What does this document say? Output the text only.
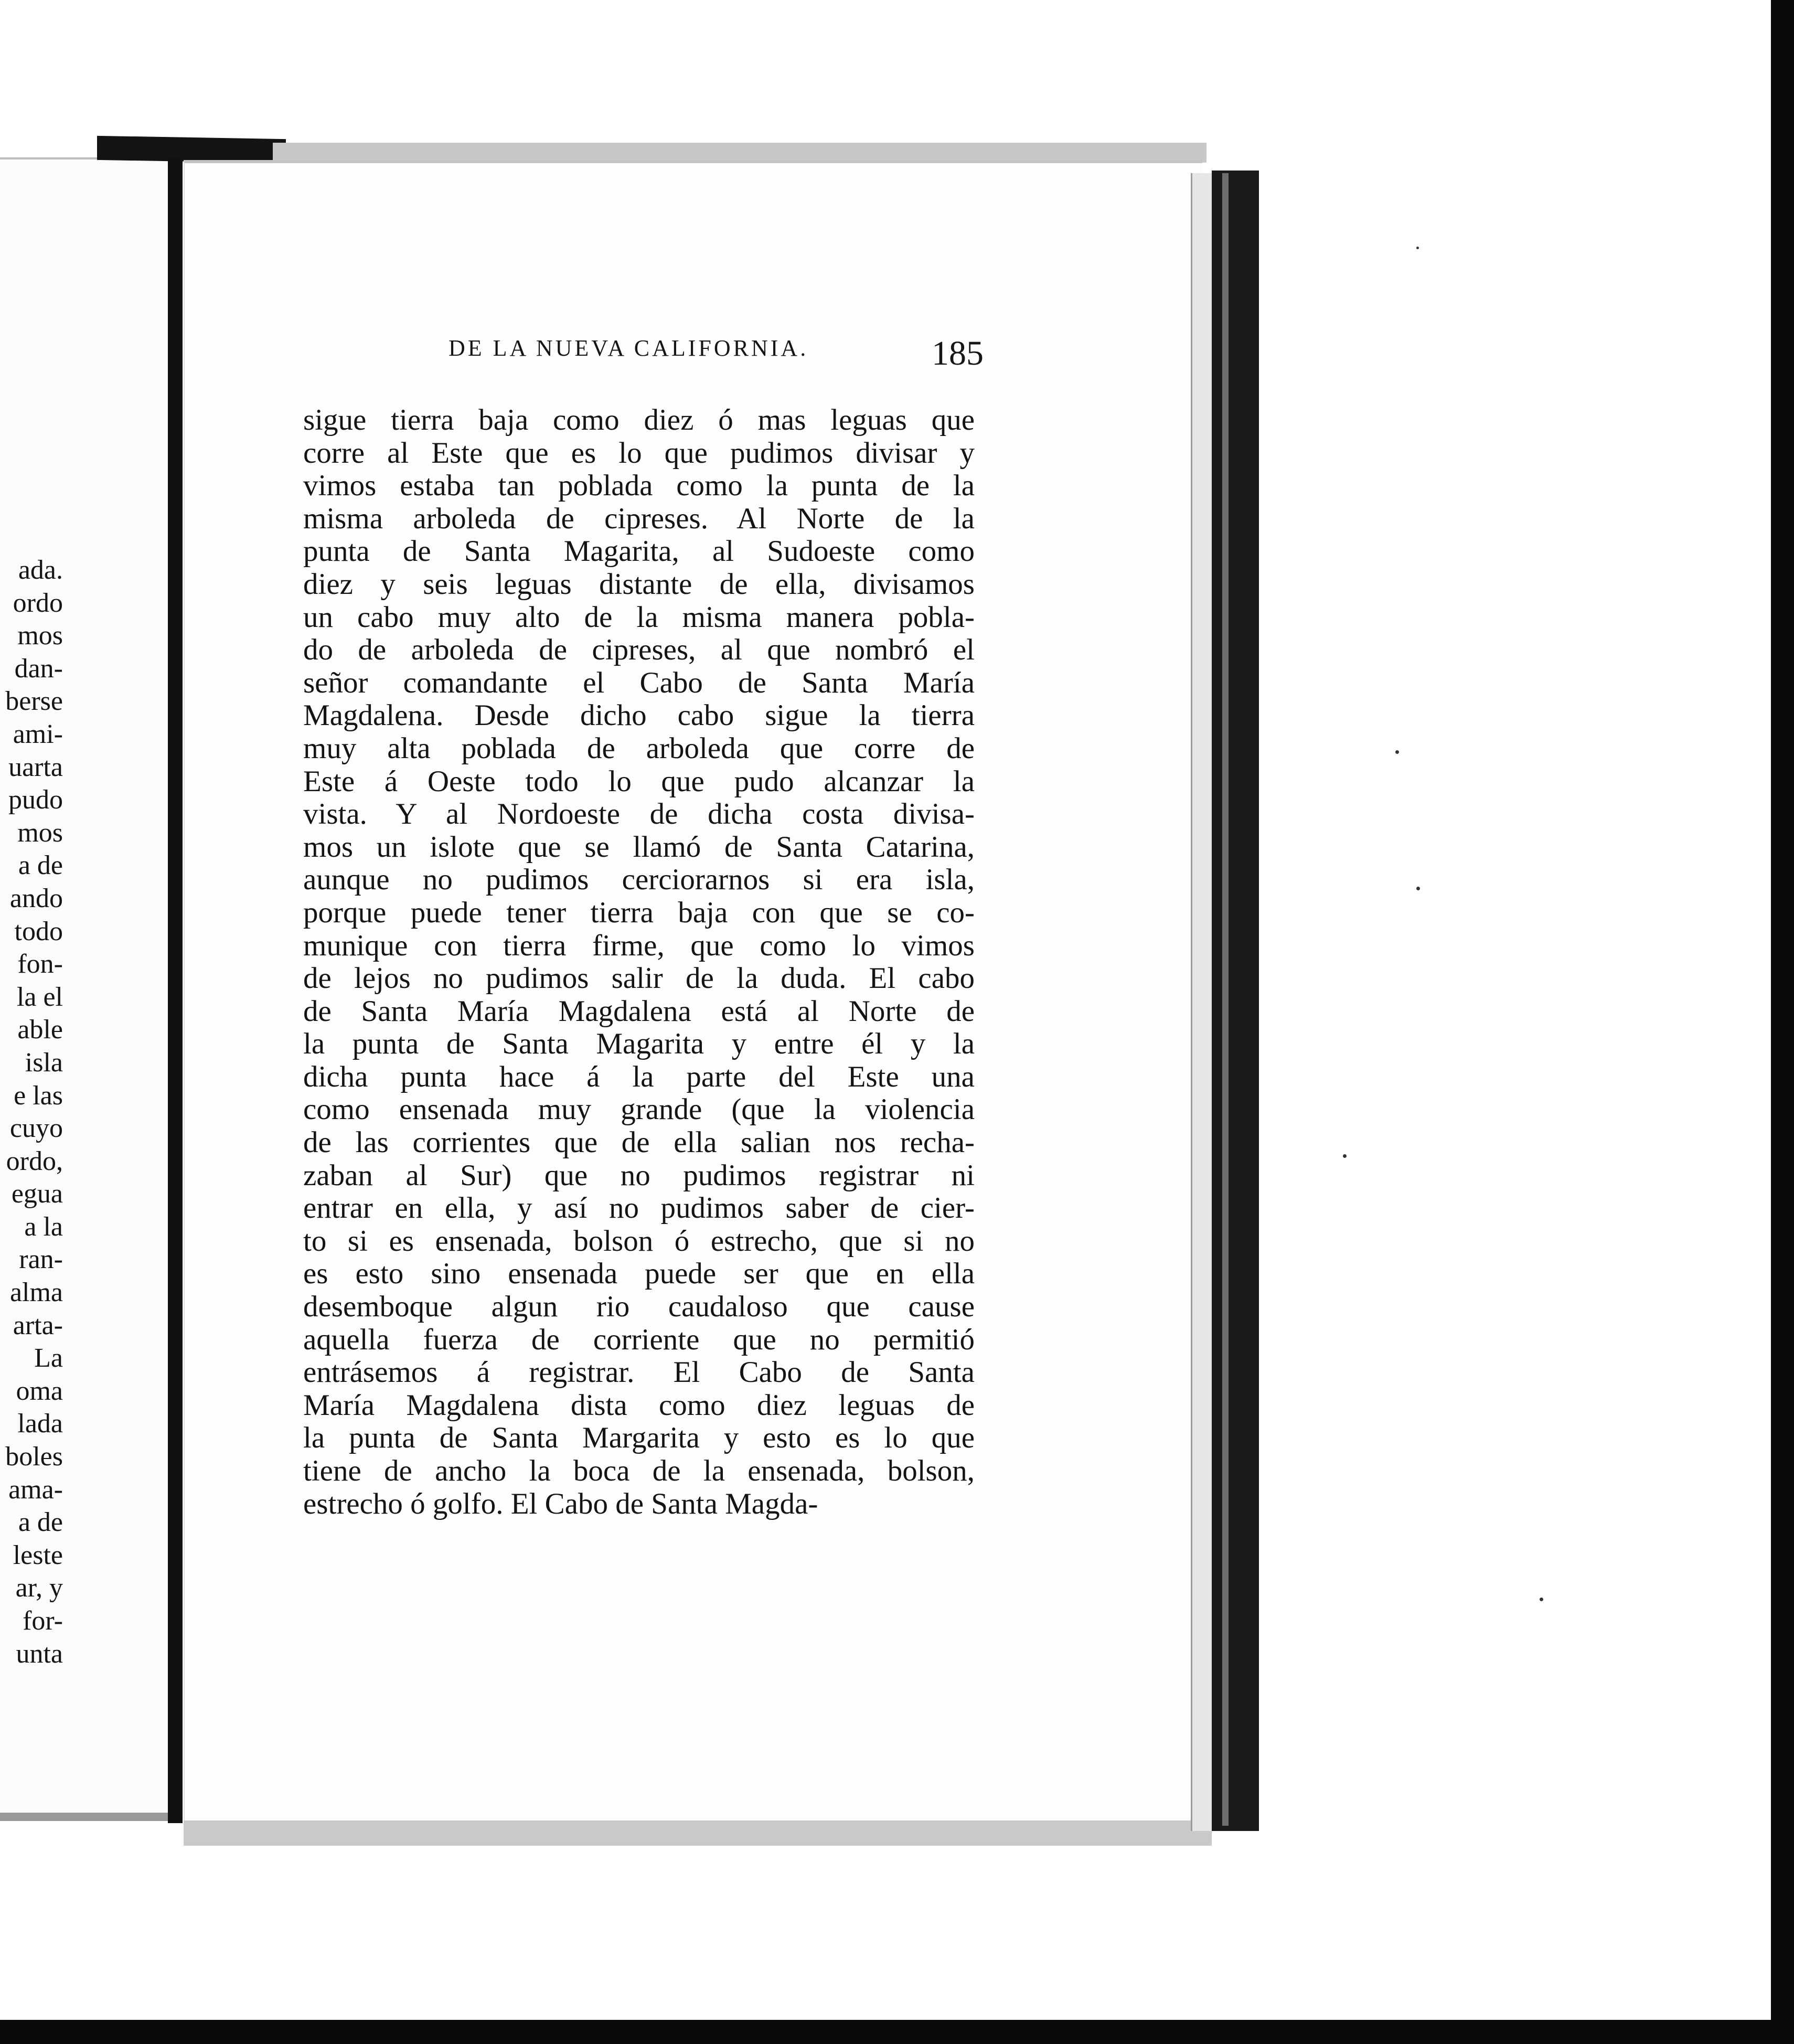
ada.
ordo
mos
dan-
berse
ami-
uarta
pudo
mos
a de
ando
todo
fon-
la el
able
isla
e las
cuyo
ordo,
egua
a la
ran-
alma
arta-
La
oma
lada
boles
ama-
a de
leste
ar, y
for-
unta
DE LA NUEVA CALIFORNIA.	185
sigue tierra baja como diez ó mas leguas que
corre al Este que es lo que pudimos divisar y
vimos estaba tan poblada como la punta de la
misma arboleda de cipreses. Al Norte de la
punta de Santa Magarita, al Sudoeste como
diez y seis leguas distante de ella, divisamos
un cabo muy alto de la misma manera pobla-
do de arboleda de cipreses, al que nombró el
señor comandante el Cabo de Santa María
Magdalena. Desde dicho cabo sigue la tierra
muy alta poblada de arboleda que corre de
Este á Oeste todo lo que pudo alcanzar la
vista. Y al Nordoeste de dicha costa divisa-
mos un islote que se llamó de Santa Catarina,
aunque no pudimos cerciorarnos si era isla,
porque puede tener tierra baja con que se co-
munique con tierra firme, que como lo vimos
de lejos no pudimos salir de la duda. El cabo
de Santa María Magdalena está al Norte de
la punta de Santa Magarita y entre él y la
dicha punta hace á la parte del Este una
como ensenada muy grande (que la violencia
de las corrientes que de ella salian nos recha-
zaban al Sur) que no pudimos registrar ni
entrar en ella, y así no pudimos saber de cier-
to si es ensenada, bolson ó estrecho, que si no
es esto sino ensenada puede ser que en ella
desemboque algun rio caudaloso que cause
aquella fuerza de corriente que no permitió
entrásemos á registrar. El Cabo de Santa
María Magdalena dista como diez leguas de
la punta de Santa Margarita y esto es lo que
tiene de ancho la boca de la ensenada, bolson,
estrecho ó golfo. El Cabo de Santa Magda-
